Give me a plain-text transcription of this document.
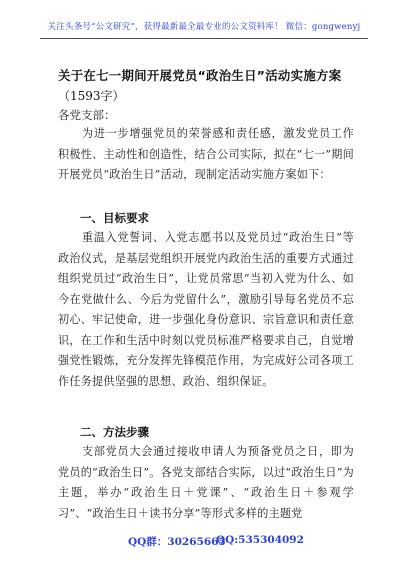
关注头条号“公文研究”，获得最新最全最专业的公文资料库！ 微信：gongwenyj
关于在七一期间开展党员“政治生日”活动实施方案
（1593字）
各党支部：

为进一步增强党员的荣誉感和责任感，激发党员工作积极性、主动性和创造性，结合公司实际，拟在“七一”期间开展党员“政治生日”活动，现制定活动实施方案如下：

一、目标要求

重温入党誓词、入党志愿书以及党员过“政治生日”等政治仪式，是基层党组织开展党内政治生活的重要方式通过组织党员过“政治生日”，让党员常思“当初入党为什么、如今在党做什么、今后为党留什么”，激励引导每名党员不忘初心、牢记使命，进一步强化身份意识、宗旨意识和责任意识，在工作和生活中时刻以党员标准严格要求自己，自觉增强党性锻炼，充分发挥先锋模范作用，为完成好公司各项工作任务提供坚强的思想、政治、组织保证。

二、方法步骤

支部党员大会通过接收申请人为预备党员之日，即为党员的“政治生日”。各党支部结合实际，以过“政治生日”为主题，举办“政治生日＋党课”、“政治生日＋参观学习”、“政治生日＋读书分享”等形式多样的主题党

QQ群：30265665
QQ:535304092
